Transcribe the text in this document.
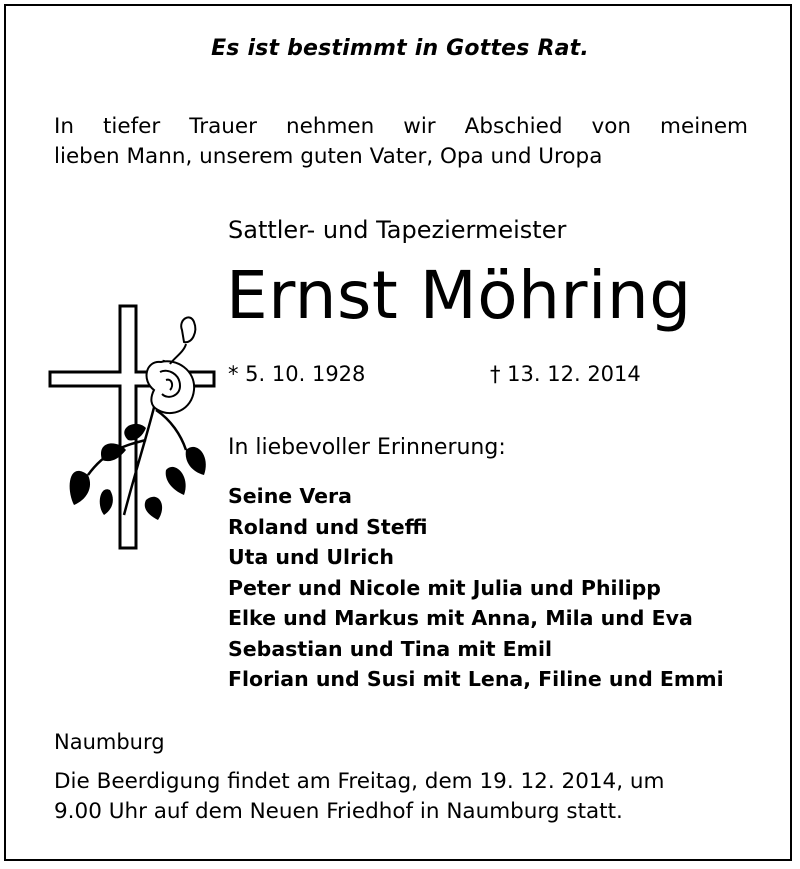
Es ist bestimmt in Gottes Rat.
In tiefer Trauer nehmen wir Abschied von meinem
lieben Mann, unserem guten Vater, Opa und Uropa
Sattler- und Tapeziermeister
Ernst Möhring
* 5. 10. 1928	† 13. 12. 2014
In liebevoller Erinnerung:
Seine Vera
Roland und Steffi
Uta und Ulrich
Peter und Nicole mit Julia und Philipp
Elke und Markus mit Anna, Mila und Eva
Sebastian und Tina mit Emil
Florian und Susi mit Lena, Filine und Emmi
Naumburg
Die Beerdigung findet am Freitag, dem 19. 12. 2014, um
9.00 Uhr auf dem Neuen Friedhof in Naumburg statt.
